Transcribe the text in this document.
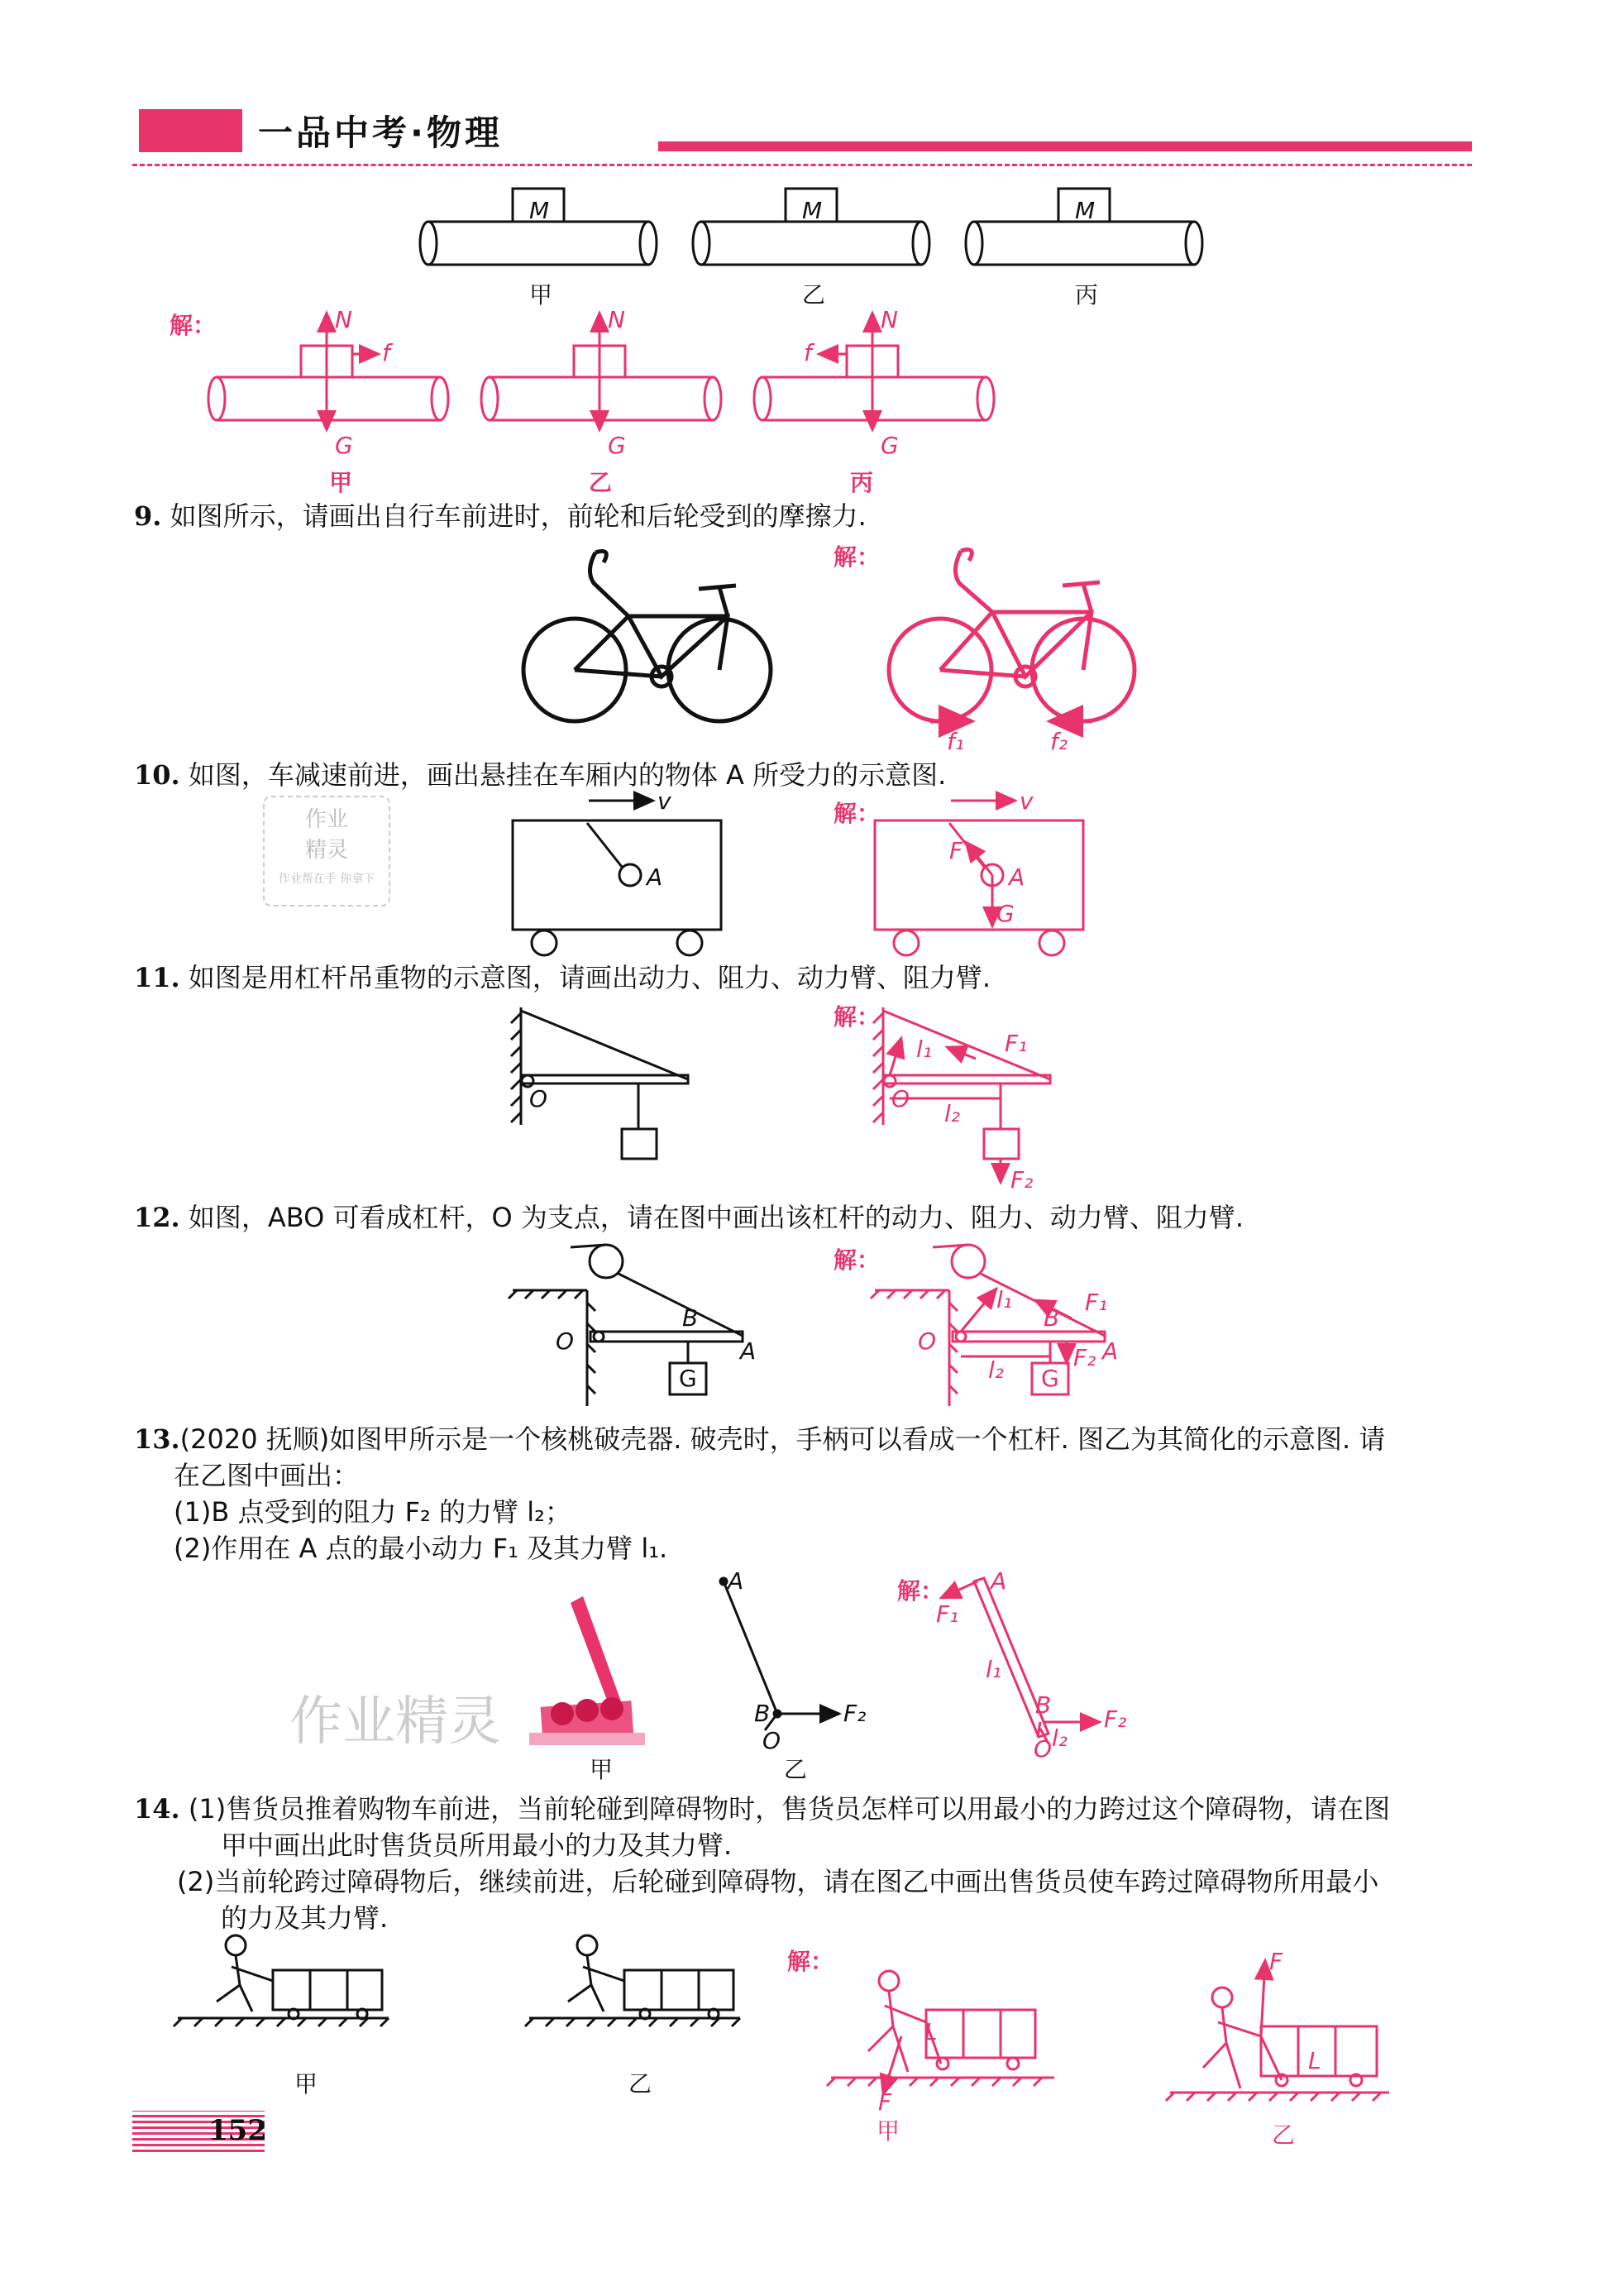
一品中考·物理
M	M	M
甲	乙	丙
解：	N
G
f
N
G
N
G
f
甲	乙	丙
9. 如图所示，请画出自行车前进时，前轮和后轮受到的摩擦力.
解：
f₁	f₂
10. 如图，车减速前进，画出悬挂在车厢内的物体 A 所受力的示意图.
v
A
解：	v
A
F
G
作业
精灵
作业帮在手 你拿下
11. 如图是用杠杆吊重物的示意图，请画出动力、阻力、动力臂、阻力臂.
O
解：
O
l₁	F₁
l₂
F₂
12. 如图，ABO 可看成杠杆，O 为支点，请在图中画出该杠杆的动力、阻力、动力臂、阻力臂.
O
B
A
G
解：
O
B
A
G
l₁	F₁
l₂	F₂
13.(2020 抚顺)如图甲所示是一个核桃破壳器. 破壳时，手柄可以看成一个杠杆. 图乙为其简化的示意图. 请
在乙图中画出：
(1)B 点受到的阻力 F₂ 的力臂 l₂；
(2)作用在 A 点的最小动力 F₁ 及其力臂 l₁.
A
B
O
F₂
甲	乙
解： A
F₁
l₁
B
F₂
l₂
O
作业精灵
14. (1)售货员推着购物车前进，当前轮碰到障碍物时，售货员怎样可以用最小的力跨过这个障碍物，请在图
甲中画出此时售货员所用最小的力及其力臂.
(2)当前轮跨过障碍物后，继续前进，后轮碰到障碍物，请在图乙中画出售货员使车跨过障碍物所用最小
的力及其力臂.
甲	乙
解：
L
F
甲
L
F
乙
152
